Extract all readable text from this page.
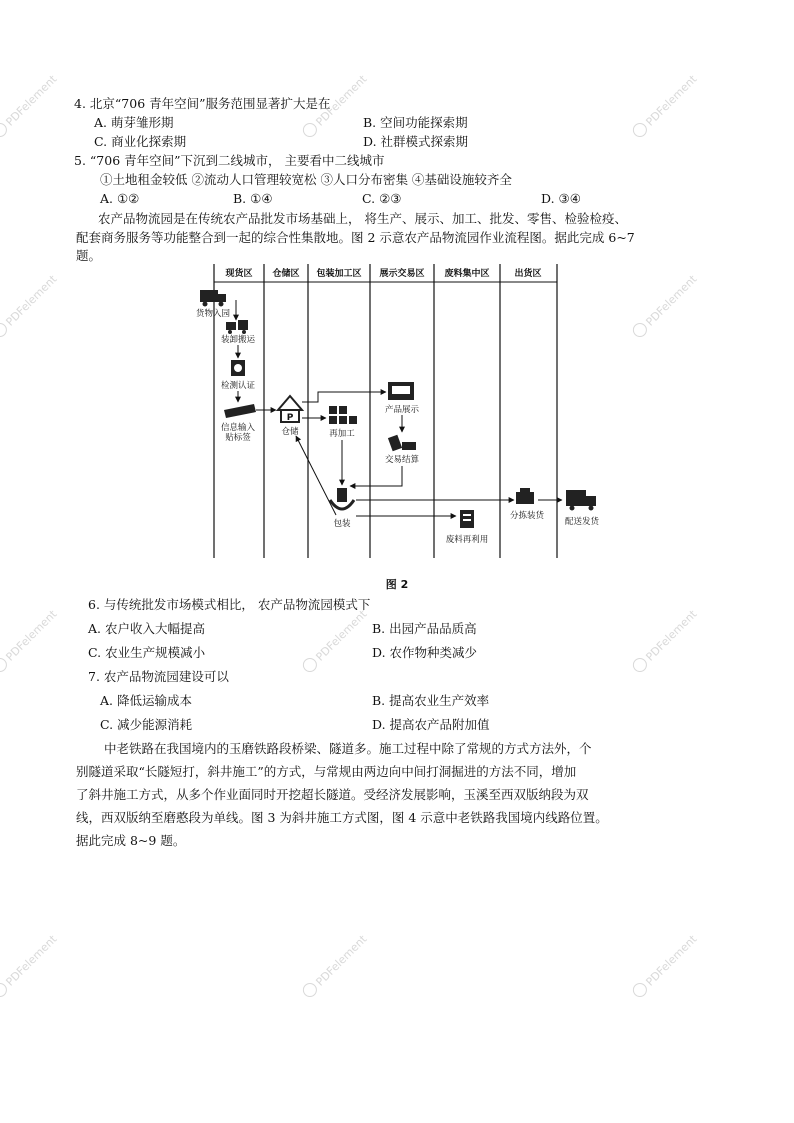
PDFelement	PDFelement	PDFelement
PDFelement	PDFelement
PDFelement	PDFelement	PDFelement
PDFelement	PDFelement	PDFelement
4. 北京“706 青年空间”服务范围显著扩大是在
A. 萌芽雏形期	B. 空间功能探索期
C. 商业化探索期	D. 社群模式探索期
5. “706 青年空间”下沉到二线城市， 主要看中二线城市
①土地租金较低 ②流动人口管理较宽松 ③人口分布密集 ④基础设施较齐全
A. ①②	B. ①④	C. ②③	D. ③④
农产品物流园是在传统农产品批发市场基础上， 将生产、展示、加工、批发、零售、检验检疫、
配套商务服务等功能整合到一起的综合性集散地。图 2 示意农产品物流园作业流程图。据此完成 6~7
题。
现货区 仓储区 包装加工区 展示交易区 废料集中区	出货区
货物入园
装卸搬运
检测认证
信息输入
贴标签
P
仓储	再加工
产品展示
交易结算
包装
废料再利用
分拣装货
配送发货
图 2
6. 与传统批发市场模式相比， 农产品物流园模式下
A. 农户收入大幅提高	B. 出园产品品质高
C. 农业生产规模减小	D. 农作物种类减少
7. 农产品物流园建设可以
A. 降低运输成本	B. 提高农业生产效率
C. 减少能源消耗	D. 提高农产品附加值
中老铁路在我国境内的玉磨铁路段桥梁、隧道多。施工过程中除了常规的方式方法外，个
别隧道采取“长隧短打，斜井施工”的方式，与常规由两边向中间打洞掘进的方法不同，增加
了斜井施工方式，从多个作业面同时开挖超长隧道。受经济发展影响，玉溪至西双版纳段为双
线，西双版纳至磨憨段为单线。图 3 为斜井施工方式图，图 4 示意中老铁路我国境内线路位置。
据此完成 8~9 题。
